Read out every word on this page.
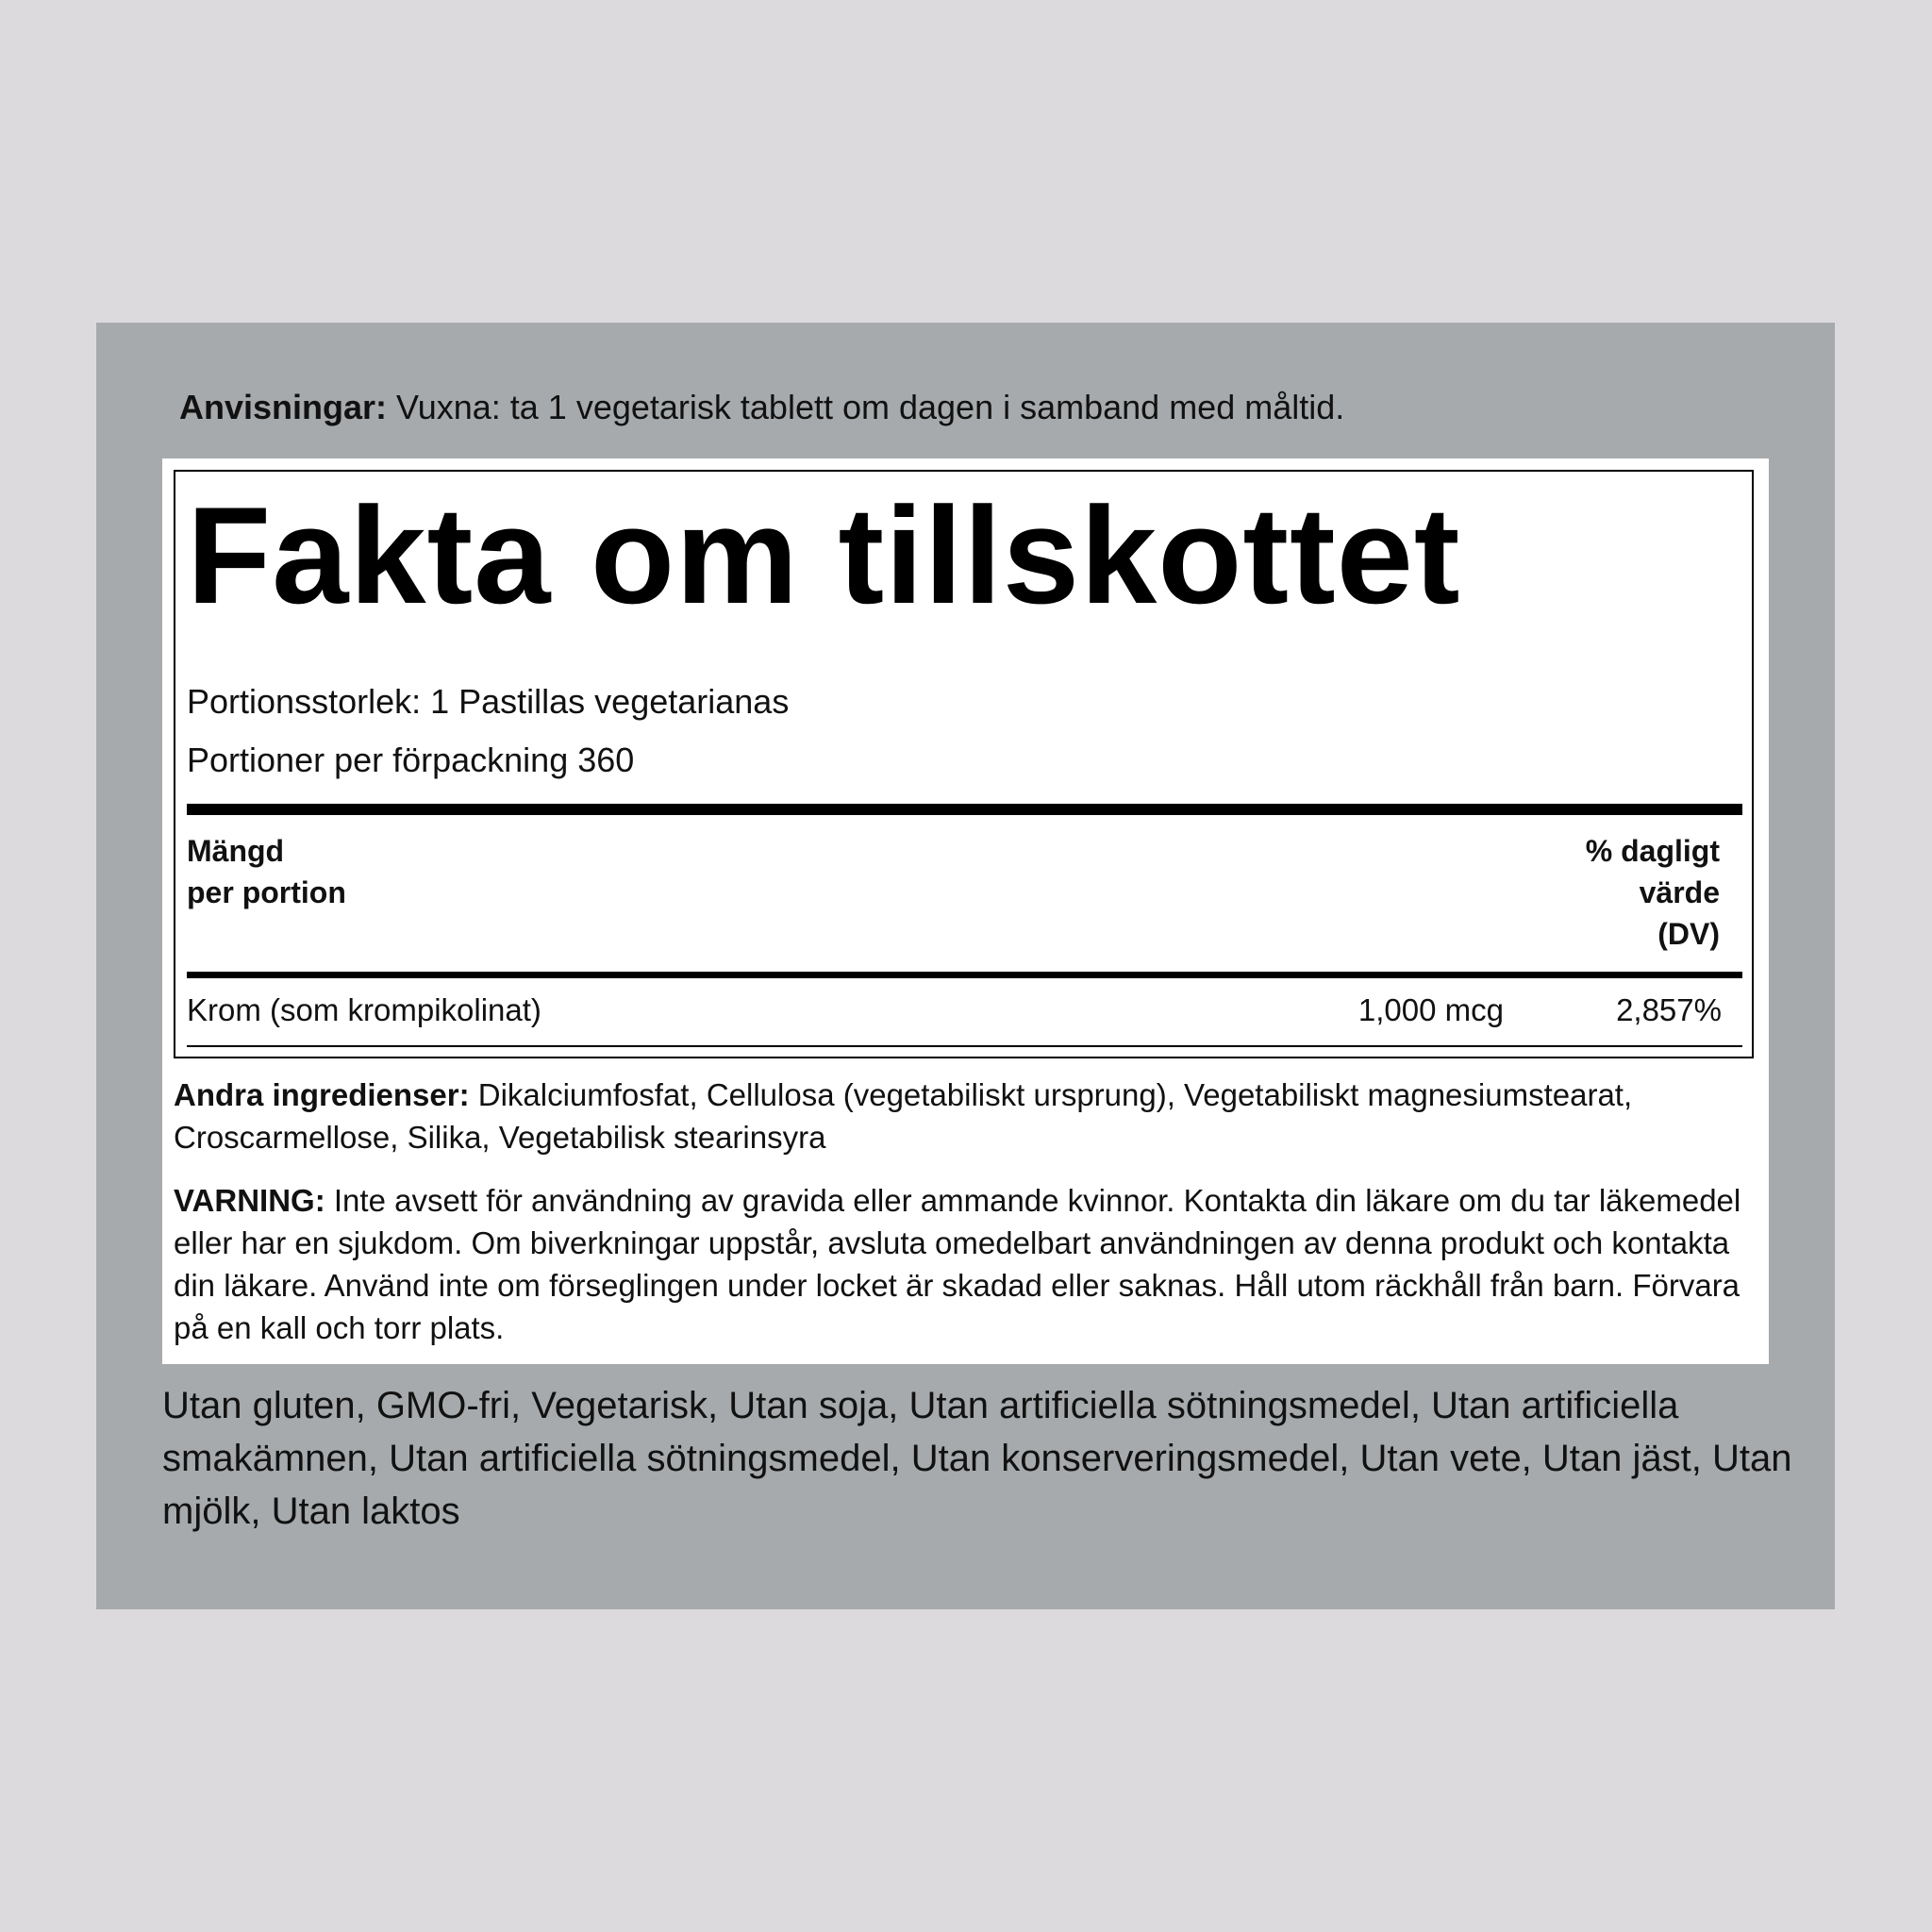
Anvisningar: Vuxna: ta 1 vegetarisk tablett om dagen i samband med måltid.
Fakta om tillskottet
Portionsstorlek: 1 Pastillas vegetarianas
Portioner per förpackning 360
Mängd
per portion
% dagligt
värde
(DV)
Krom (som krompikolinat)	1,000 mcg	2,857%
Andra ingredienser: Dikalciumfosfat, Cellulosa (vegetabiliskt ursprung), Vegetabiliskt magnesiumstearat, Croscarmellose, Silika, Vegetabilisk stearinsyra
VARNING: Inte avsett för användning av gravida eller ammande kvinnor. Kontakta din läkare om du tar läkemedel eller har en sjukdom. Om biverkningar uppstår, avsluta omedelbart användningen av denna produkt och kontakta din läkare. Använd inte om förseglingen under locket är skadad eller saknas. Håll utom räckhåll från barn. Förvara på en kall och torr plats.
Utan gluten, GMO-fri, Vegetarisk, Utan soja, Utan artificiella sötningsmedel, Utan artificiella smakämnen, Utan artificiella sötningsmedel, Utan konserveringsmedel, Utan vete, Utan jäst, Utan mjölk, Utan laktos
